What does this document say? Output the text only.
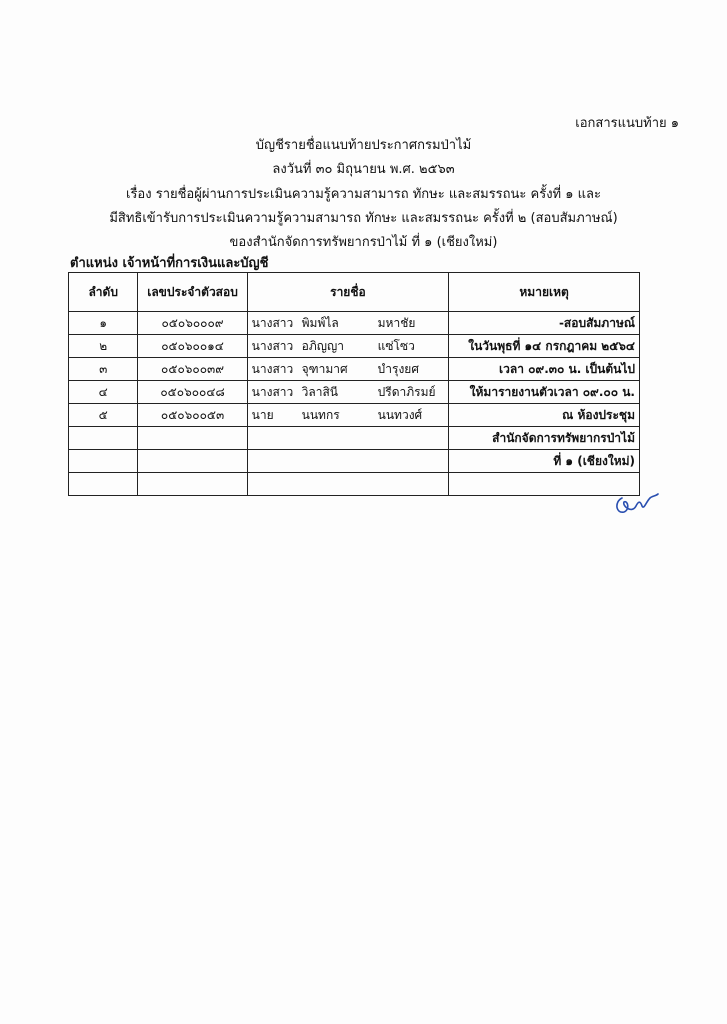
เอกสารแนบท้าย ๑
บัญชีรายชื่อแนบท้ายประกาศกรมป่าไม้
ลงวันที่ ๓๐ มิถุนายน พ.ศ. ๒๕๖๓
เรื่อง รายชื่อผู้ผ่านการประเมินความรู้ความสามารถ ทักษะ และสมรรถนะ ครั้งที่ ๑ และ
มีสิทธิเข้ารับการประเมินความรู้ความสามารถ ทักษะ และสมรรถนะ ครั้งที่ ๒ (สอบสัมภาษณ์)
ของสำนักจัดการทรัพยากรป่าไม้ ที่ ๑ (เชียงใหม่)
ตำแหน่ง เจ้าหน้าที่การเงินและบัญชี
ลำดับ	เลขประจำตัวสอบ	รายชื่อ	หมายเหตุ
๑	๐๕๐๖๐๐๐๙	นางสาว พิมพ์ไล มหาชัย	-สอบสัมภาษณ์
๒	๐๕๐๖๐๐๑๔	นางสาว อภิญญา แซ่โซว	ในวันพุธที่ ๑๔ กรกฎาคม ๒๕๖๔
๓	๐๕๐๖๐๐๓๙	นางสาว จุฑามาศ บำรุงยศ	เวลา ๐๙.๓๐ น. เป็นต้นไป
๔	๐๕๐๖๐๐๔๘	นางสาว วิลาสินี ปรีดาภิรมย์	ให้มารายงานตัวเวลา ๐๙.๐๐ น.
๕	๐๕๐๖๐๐๕๓	นาย นนทกร นนทวงศ์	ณ ห้องประชุม
			สำนักจัดการทรัพยากรป่าไม้
			ที่ ๑ (เชียงใหม่)
